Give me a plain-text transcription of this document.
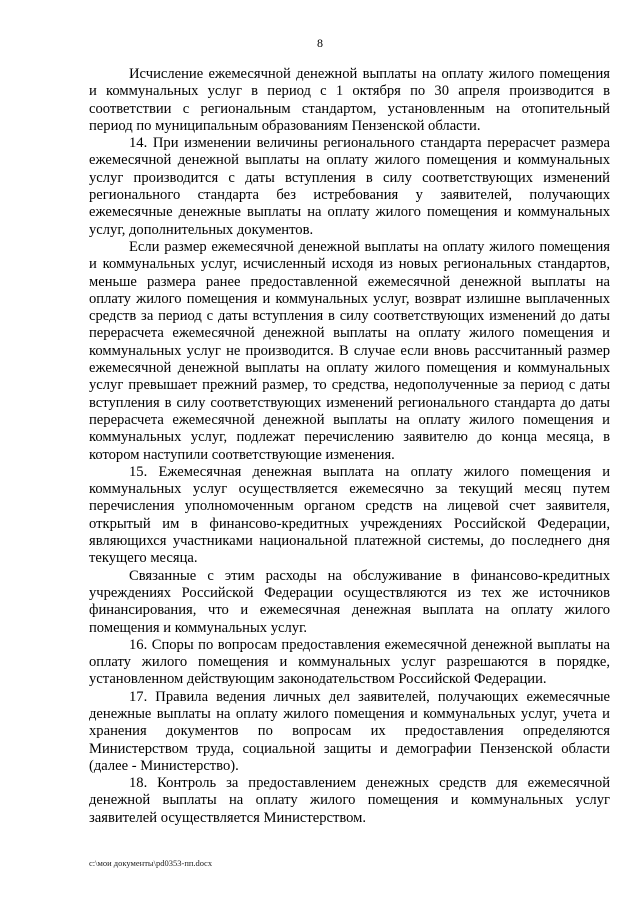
8

Исчисление ежемесячной денежной выплаты на оплату жилого помещения и коммунальных услуг в период с 1 октября по 30 апреля производится в соответствии с региональным стандартом, установленным на отопительный период по муниципальным образованиям Пензенской области.

14. При изменении величины регионального стандарта перерасчет размера ежемесячной денежной выплаты на оплату жилого помещения и коммунальных услуг производится с даты вступления в силу соответствующих изменений регионального стандарта без истребования у заявителей, получающих ежемесячные денежные выплаты на оплату жилого помещения и коммунальных услуг, дополнительных документов.

Если размер ежемесячной денежной выплаты на оплату жилого помещения и коммунальных услуг, исчисленный исходя из новых региональных стандартов, меньше размера ранее предоставленной ежемесячной денежной выплаты на оплату жилого помещения и коммунальных услуг, возврат излишне выплаченных средств за период с даты вступления в силу соответствующих изменений до даты перерасчета ежемесячной денежной выплаты на оплату жилого помещения и коммунальных услуг не производится. В случае если вновь рассчитанный размер ежемесячной денежной выплаты на оплату жилого помещения и коммунальных услуг превышает прежний размер, то средства, недополученные за период с даты вступления в силу соответствующих изменений регионального стандарта до даты перерасчета ежемесячной денежной выплаты на оплату жилого помещения и коммунальных услуг, подлежат перечислению заявителю до конца месяца, в котором наступили соответствующие изменения.

15. Ежемесячная денежная выплата на оплату жилого помещения и коммунальных услуг осуществляется ежемесячно за текущий месяц путем перечисления уполномоченным органом средств на лицевой счет заявителя, открытый им в финансово-кредитных учреждениях Российской Федерации, являющихся участниками национальной платежной системы, до последнего дня текущего месяца.

Связанные с этим расходы на обслуживание в финансово-кредитных учреждениях Российской Федерации осуществляются из тех же источников финансирования, что и ежемесячная денежная выплата на оплату жилого помещения и коммунальных услуг.

16. Споры по вопросам предоставления ежемесячной денежной выплаты на оплату жилого помещения и коммунальных услуг разрешаются в порядке, установленном действующим законодательством Российской Федерации.

17. Правила ведения личных дел заявителей, получающих ежемесячные денежные выплаты на оплату жилого помещения и коммунальных услуг, учета и хранения документов по вопросам их предоставления определяются Министерством труда, социальной защиты и демографии Пензенской области (далее - Министерство).

18. Контроль за предоставлением денежных средств для ежемесячной денежной выплаты на оплату жилого помещения и коммунальных услуг заявителей осуществляется Министерством.

c:\мои документы\pd0353-пп.docx
